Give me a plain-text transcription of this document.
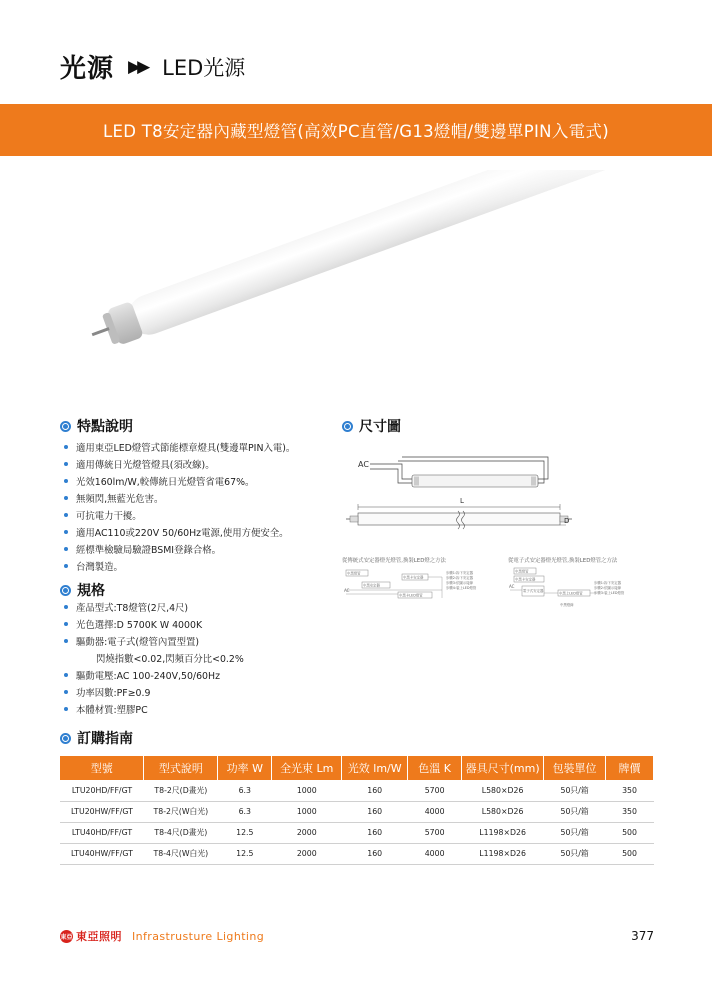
光源 ▶▶ LED光源
LED T8安定器內藏型燈管(高效PC直管/G13燈帽/雙邊單PIN入電式)
特點說明
適用東亞LED燈管式節能標章燈具(雙邊單PIN入電)。
適用傳統日光燈管燈具(須改線)。
光效160lm/W,較傳統日光燈管省電67%。
無頻閃,無藍光危害。
可抗電力干擾。
適用AC110或220V 50/60Hz電源,使用方便安全。
經標準檢驗局驗證BSMI登錄合格。
台灣製造。
規格
產品型式:T8燈管(2尺,4尺)
光色選擇:D 5700K W 4000K
驅動器:電子式(燈管內置型置)
閃燒指數<0.02,閃頻百分比<0.2%
驅動電壓:AC 100-240V,50/60Hz
功率因數:PF≥0.9
本體材質:塑膠PC
尺寸圖
AC
L
D
從傳統式安定器燈光燈管,換裝LED燈之方法
AC
中黑燈管
中黑卡安定器
中黑安定器
中黑卡LED燈管
步驟1:拆下安定器
步驟2:拆下安定器
步驟3:依圖示接線
步驟4:裝上LED燈管
從電子式安定器燈光燈管,換裝LED燈管之方法
AC
中黑燈管
中黑卡安定器
電子式安定器
中黑上LED燈管
步驟1:拆下安定器
步驟2:依圖示接線
步驟3:裝上LED燈管
中黑燈線
訂購指南
型號	型式說明	功率 W	全光束 Lm	光效 lm/W	色溫 K	器具尺寸(mm)	包裝單位	牌價
LTU20HD/FF/GT	T8-2尺(D畫光)	6.3	1000	160	5700	L580×D26	50只/箱	350
LTU20HW/FF/GT	T8-2尺(W白光)	6.3	1000	160	4000	L580×D26	50只/箱	350
LTU40HD/FF/GT	T8-4尺(D畫光)	12.5	2000	160	5700	L1198×D26	50只/箱	500
LTU40HW/FF/GT	T8-4尺(W白光)	12.5	2000	160	4000	L1198×D26	50只/箱	500
東亞 東亞照明 Infrastrusture Lighting	377
